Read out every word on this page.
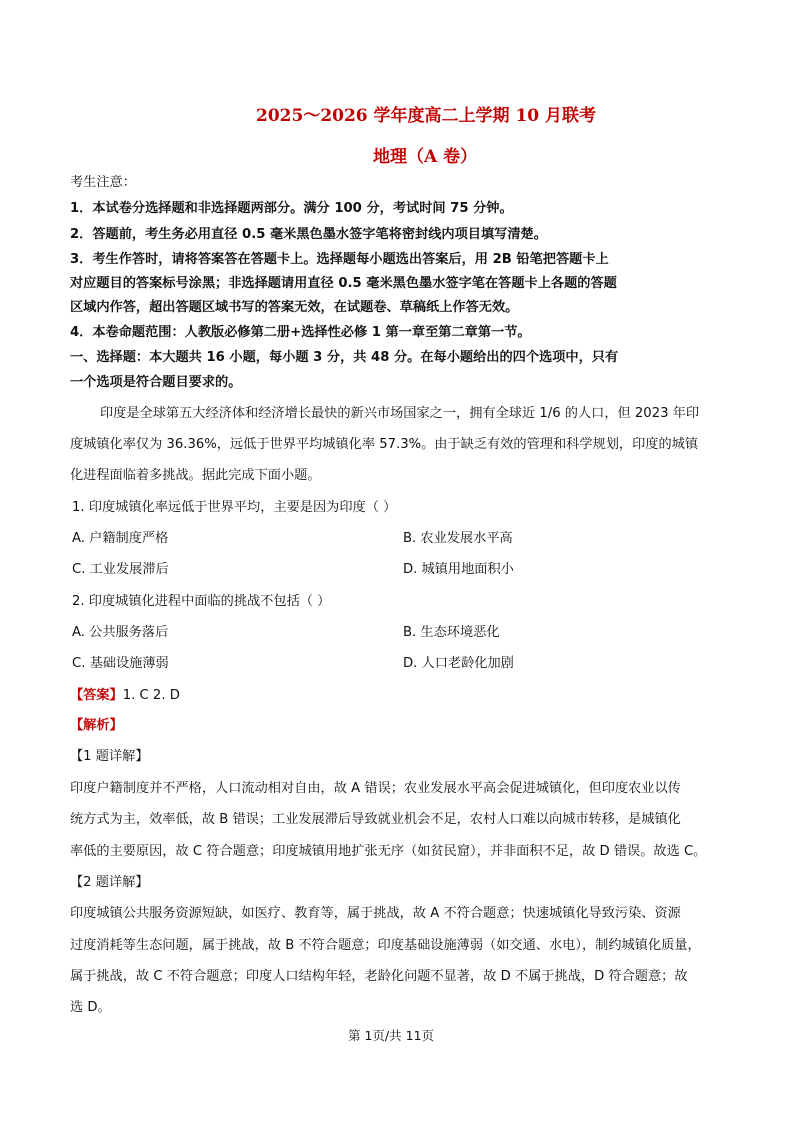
2025～2026 学年度高二上学期 10 月联考
地理（A 卷）
考生注意：
1．本试卷分选择题和非选择题两部分。满分 100 分，考试时间 75 分钟。
2．答题前，考生务必用直径 0.5 毫米黑色墨水签字笔将密封线内项目填写清楚。
3．考生作答时，请将答案答在答题卡上。选择题每小题选出答案后，用 2B 铅笔把答题卡上
对应题目的答案标号涂黑；非选择题请用直径 0.5 毫米黑色墨水签字笔在答题卡上各题的答题
区域内作答，超出答题区域书写的答案无效，在试题卷、草稿纸上作答无效。
4．本卷命题范围：人教版必修第二册+选择性必修 1 第一章至第二章第一节。
一、选择题：本大题共 16 小题，每小题 3 分，共 48 分。在每小题给出的四个选项中，只有
一个选项是符合题目要求的。
印度是全球第五大经济体和经济增长最快的新兴市场国家之一，拥有全球近 1/6 的人口，但 2023 年印
度城镇化率仅为 36.36%，远低于世界平均城镇化率 57.3%。由于缺乏有效的管理和科学规划，印度的城镇
化进程面临着多挑战。据此完成下面小题。
1. 印度城镇化率远低于世界平均，主要是因为印度（ ）
A. 户籍制度严格	B. 农业发展水平高
C. 工业发展滞后	D. 城镇用地面积小
2. 印度城镇化进程中面临的挑战不包括（ ）
A. 公共服务落后	B. 生态环境恶化
C. 基础设施薄弱	D. 人口老龄化加剧
【答案】1. C 2. D
【解析】
【1 题详解】
印度户籍制度并不严格，人口流动相对自由，故 A 错误；农业发展水平高会促进城镇化，但印度农业以传
统方式为主，效率低，故 B 错误；工业发展滞后导致就业机会不足，农村人口难以向城市转移，是城镇化
率低的主要原因，故 C 符合题意；印度城镇用地扩张无序（如贫民窟），并非面积不足，故 D 错误。故选 C。
【2 题详解】
印度城镇公共服务资源短缺，如医疗、教育等，属于挑战，故 A 不符合题意；快速城镇化导致污染、资源
过度消耗等生态问题，属于挑战，故 B 不符合题意；印度基础设施薄弱（如交通、水电），制约城镇化质量，
属于挑战，故 C 不符合题意；印度人口结构年轻，老龄化问题不显著，故 D 不属于挑战，D 符合题意；故
选 D。
第 1页/共 11页
